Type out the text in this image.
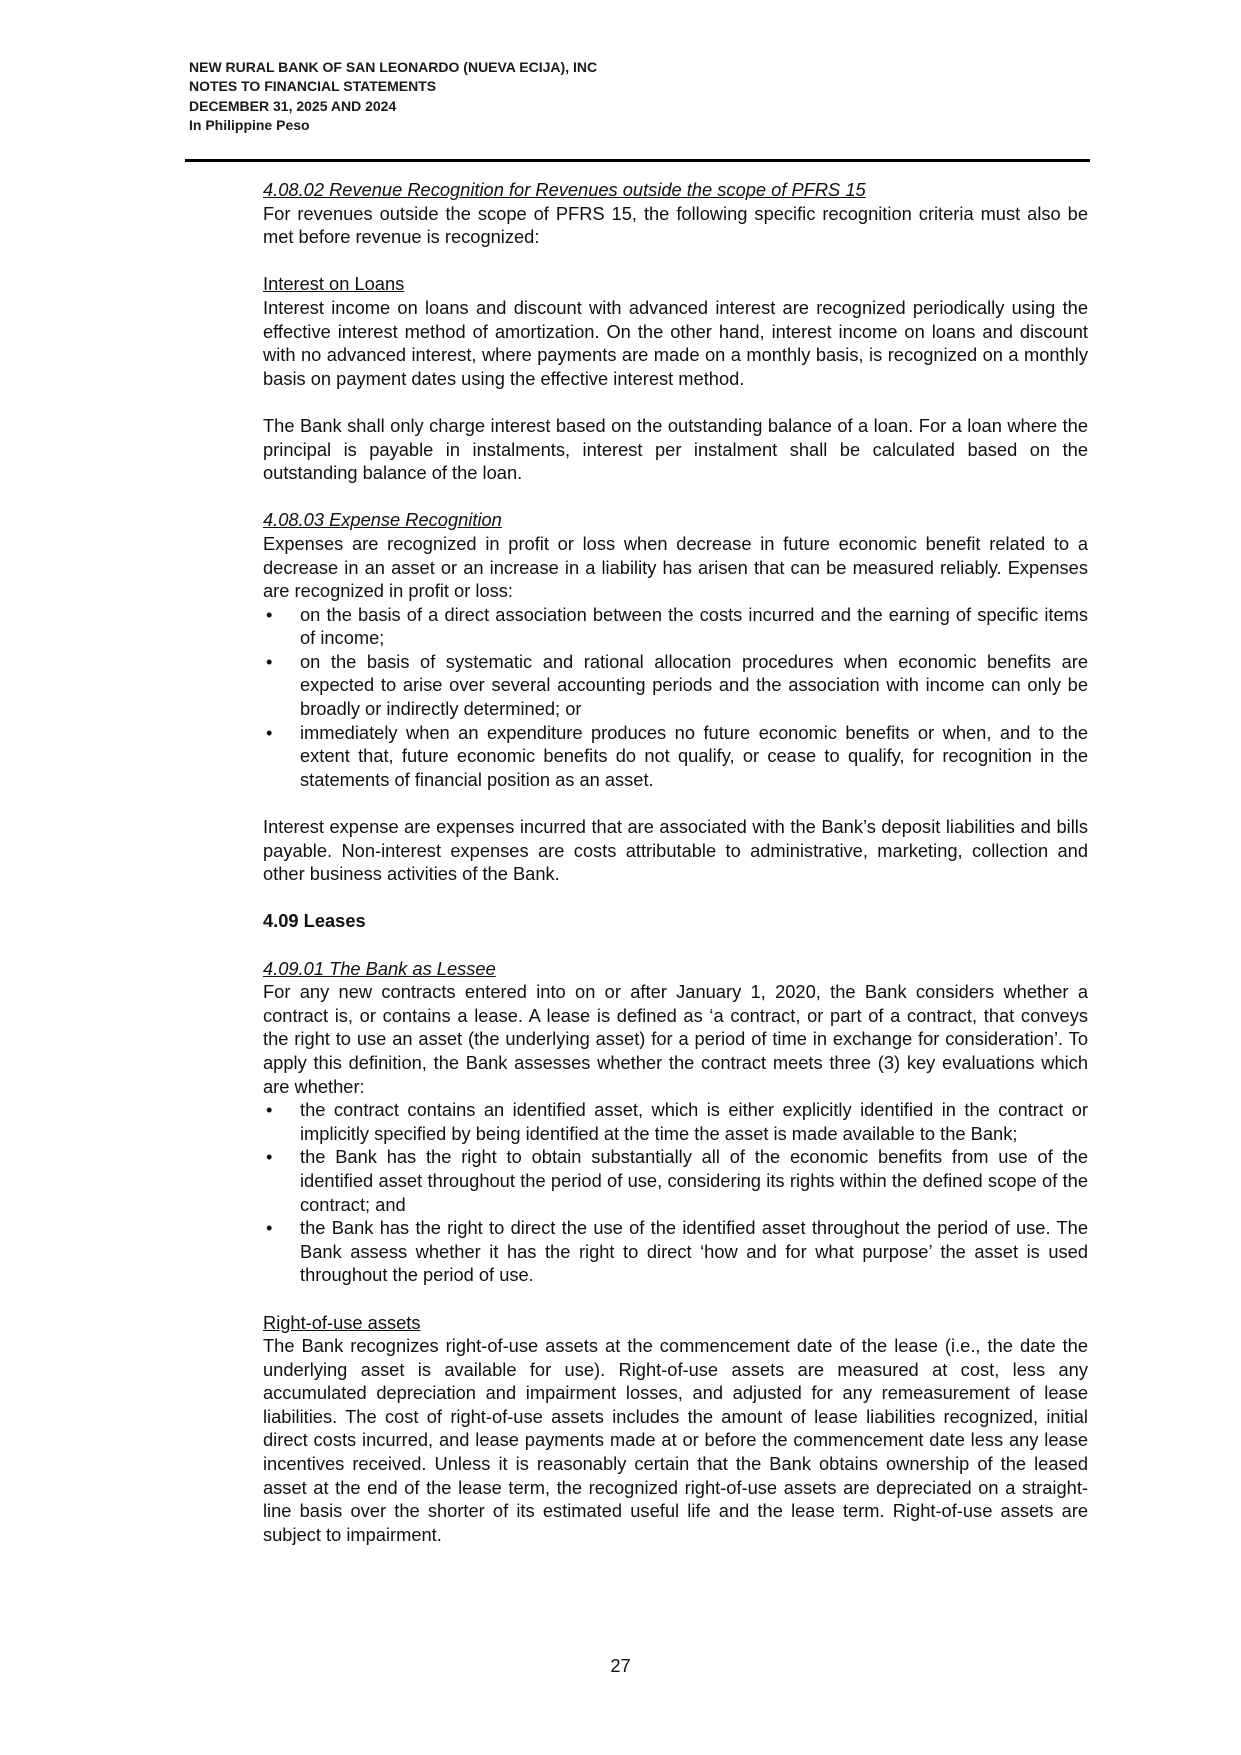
NEW RURAL BANK OF SAN LEONARDO (NUEVA ECIJA), INC
NOTES TO FINANCIAL STATEMENTS
DECEMBER 31, 2025 AND 2024
In Philippine Peso

4.08.02 Revenue Recognition for Revenues outside the scope of PFRS 15

For revenues outside the scope of PFRS 15, the following specific recognition criteria must also be met before revenue is recognized:

Interest on Loans

Interest income on loans and discount with advanced interest are recognized periodically using the effective interest method of amortization. On the other hand, interest income on loans and discount with no advanced interest, where payments are made on a monthly basis, is recognized on a monthly basis on payment dates using the effective interest method.

The Bank shall only charge interest based on the outstanding balance of a loan. For a loan where the principal is payable in instalments, interest per instalment shall be calculated based on the outstanding balance of the loan.

4.08.03 Expense Recognition

Expenses are recognized in profit or loss when decrease in future economic benefit related to a decrease in an asset or an increase in a liability has arisen that can be measured reliably. Expenses are recognized in profit or loss:

• on the basis of a direct association between the costs incurred and the earning of specific items of income;
• on the basis of systematic and rational allocation procedures when economic benefits are expected to arise over several accounting periods and the association with income can only be broadly or indirectly determined; or
• immediately when an expenditure produces no future economic benefits or when, and to the extent that, future economic benefits do not qualify, or cease to qualify, for recognition in the statements of financial position as an asset.

Interest expense are expenses incurred that are associated with the Bank’s deposit liabilities and bills payable. Non-interest expenses are costs attributable to administrative, marketing, collection and other business activities of the Bank.

4.09 Leases

4.09.01 The Bank as Lessee

For any new contracts entered into on or after January 1, 2020, the Bank considers whether a contract is, or contains a lease. A lease is defined as ‘a contract, or part of a contract, that conveys the right to use an asset (the underlying asset) for a period of time in exchange for consideration’. To apply this definition, the Bank assesses whether the contract meets three (3) key evaluations which are whether:

• the contract contains an identified asset, which is either explicitly identified in the contract or implicitly specified by being identified at the time the asset is made available to the Bank;
• the Bank has the right to obtain substantially all of the economic benefits from use of the identified asset throughout the period of use, considering its rights within the defined scope of the contract; and
• the Bank has the right to direct the use of the identified asset throughout the period of use. The Bank assess whether it has the right to direct ‘how and for what purpose’ the asset is used throughout the period of use.

Right-of-use assets

The Bank recognizes right-of-use assets at the commencement date of the lease (i.e., the date the underlying asset is available for use). Right-of-use assets are measured at cost, less any accumulated depreciation and impairment losses, and adjusted for any remeasurement of lease liabilities. The cost of right-of-use assets includes the amount of lease liabilities recognized, initial direct costs incurred, and lease payments made at or before the commencement date less any lease incentives received. Unless it is reasonably certain that the Bank obtains ownership of the leased asset at the end of the lease term, the recognized right-of-use assets are depreciated on a straight-line basis over the shorter of its estimated useful life and the lease term. Right-of-use assets are subject to impairment.

27
